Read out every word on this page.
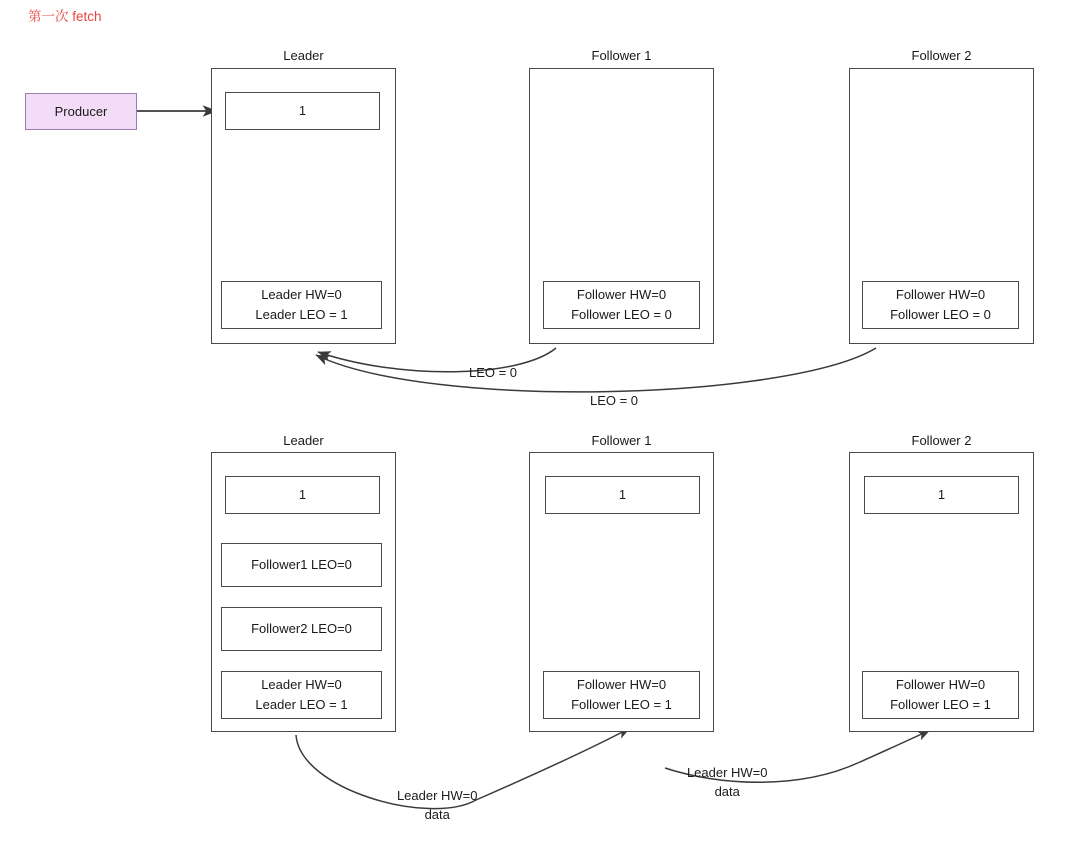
第一次 fetch
Producer
Leader
1
Leader HW=0
Leader LEO = 1
Follower 1
Follower HW=0
Follower LEO = 0
Follower 2
Follower HW=0
Follower LEO = 0
LEO = 0
LEO = 0
Leader
1
Follower1 LEO=0
Follower2 LEO=0
Leader HW=0
Leader LEO = 1
Follower 1
1
Follower HW=0
Follower LEO = 1
Follower 2
1
Follower HW=0
Follower LEO = 1

Leader HW=0
data

Leader HW=0
data
